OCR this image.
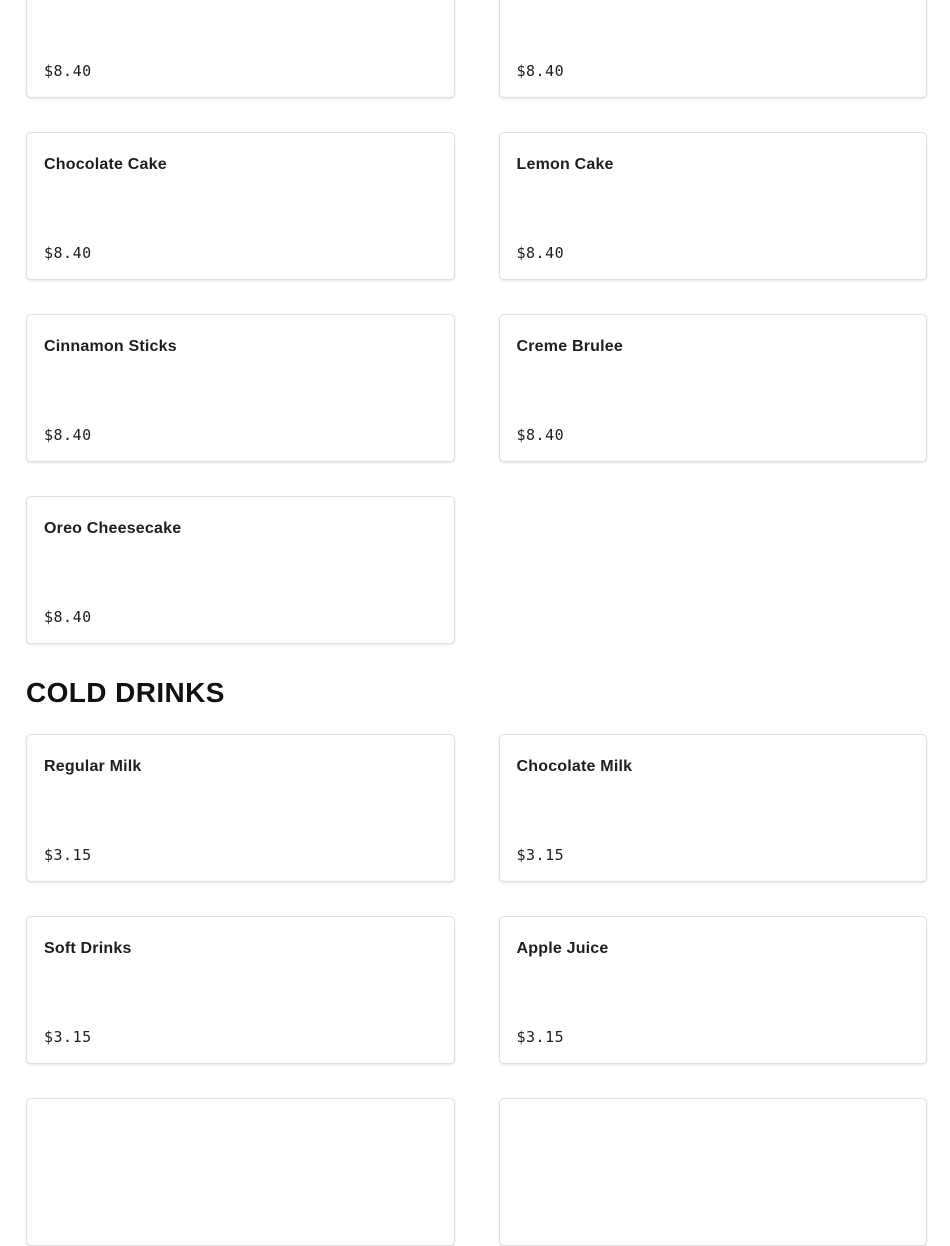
$8.40	$8.40
Chocolate Cake
$8.40
Lemon Cake
$8.40
Cinnamon Sticks
$8.40
Creme Brulee
$8.40
Oreo Cheesecake
$8.40
COLD DRINKS
Regular Milk
$3.15
Chocolate Milk
$3.15
Soft Drinks
$3.15
Apple Juice
$3.15
